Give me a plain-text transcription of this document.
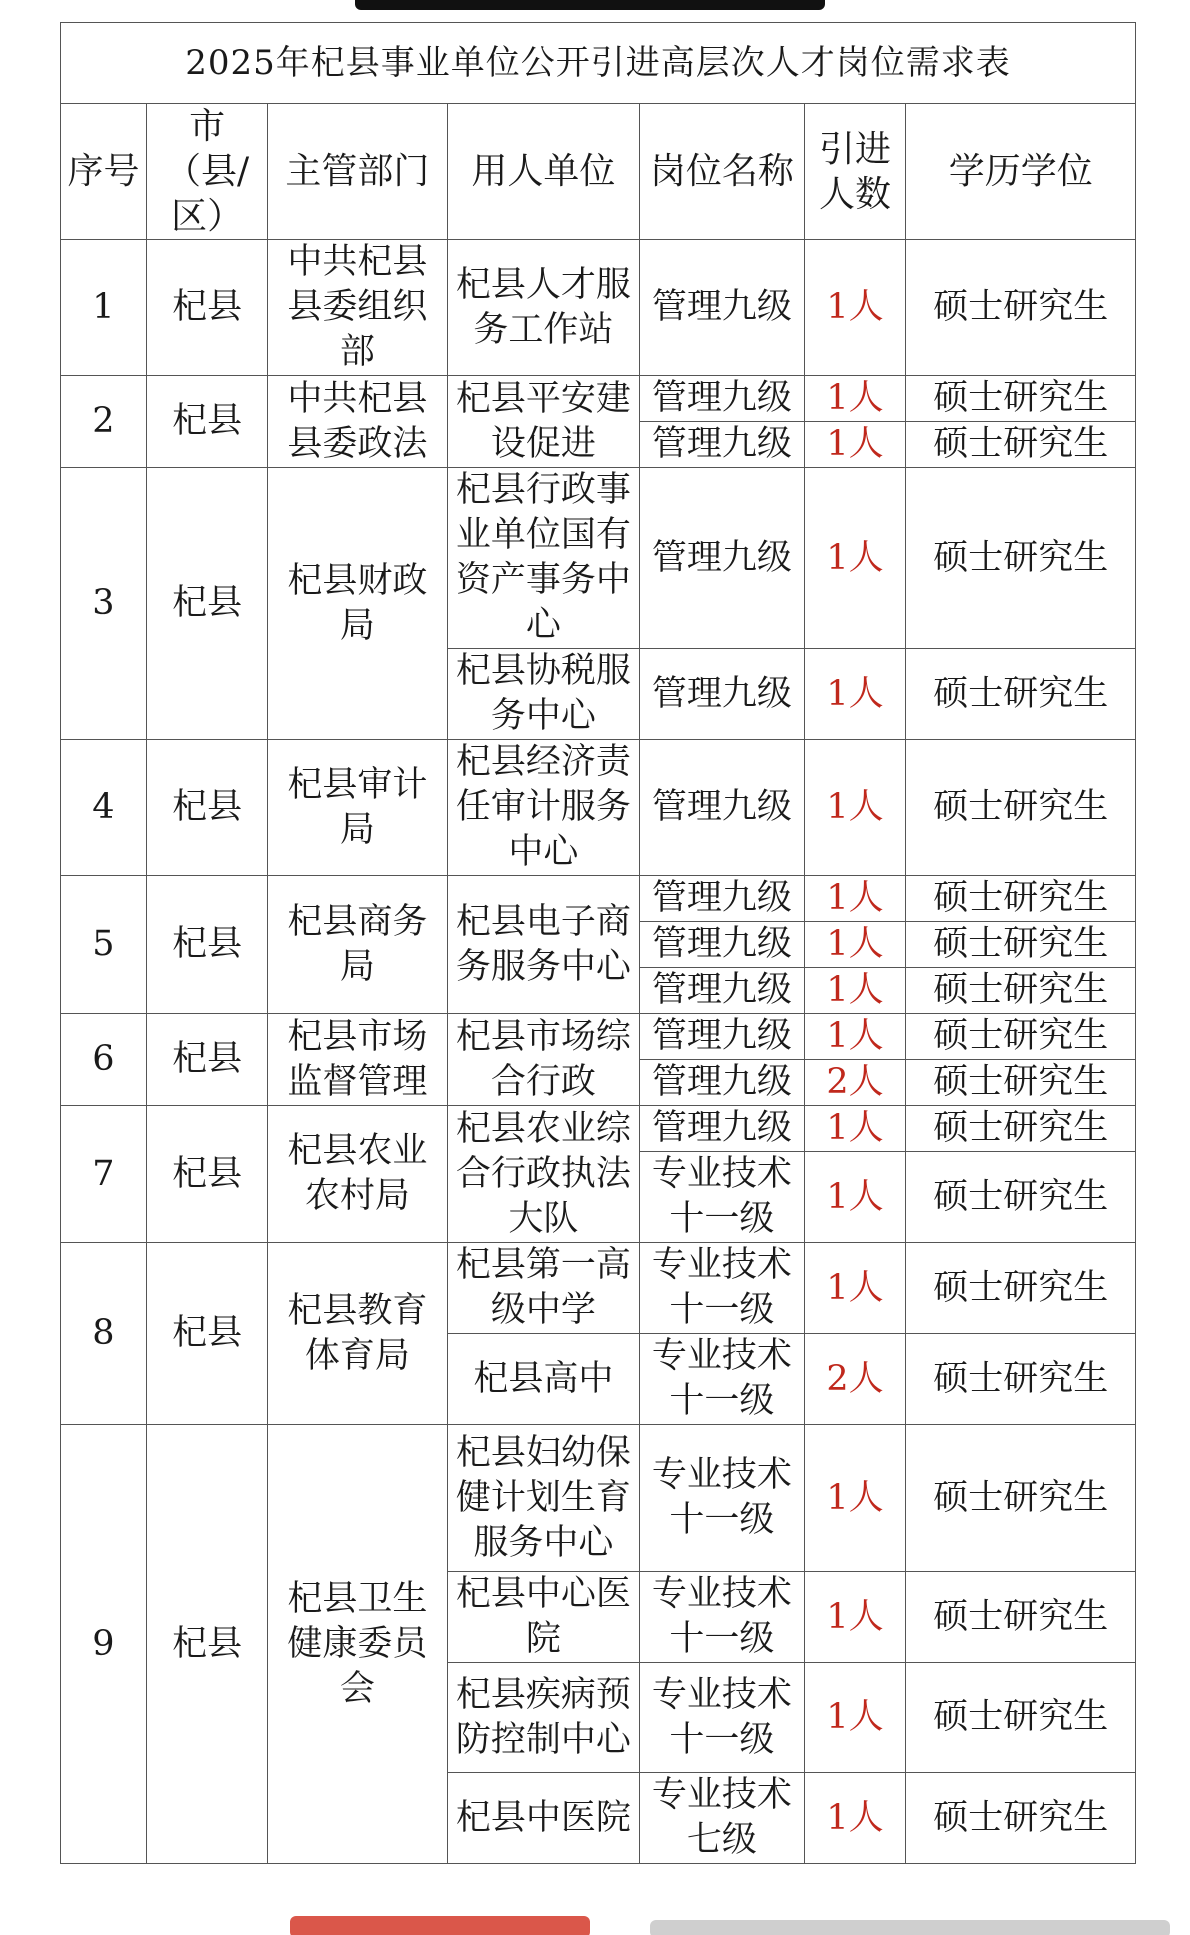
2025年杞县事业单位公开引进高层次人才岗位需求表						
序号	市（县/区）	主管部门	用人单位	岗位名称	引进人数	学历学位
1	杞县	中共杞县县委组织部	杞县人才服务工作站	管理九级	1人	硕士研究生
2	杞县	中共杞县县委政法	杞县平安建设促进	管理九级	1人	硕士研究生
				管理九级	1人	硕士研究生
3	杞县	杞县财政局	杞县行政事业单位国有资产事务中心	管理九级	1人	硕士研究生
			杞县协税服务中心	管理九级	1人	硕士研究生
4	杞县	杞县审计局	杞县经济责任审计服务中心	管理九级	1人	硕士研究生
5	杞县	杞县商务局	杞县电子商务服务中心	管理九级	1人	硕士研究生
				管理九级	1人	硕士研究生
				管理九级	1人	硕士研究生
6	杞县	杞县市场监督管理	杞县市场综合行政	管理九级	1人	硕士研究生
				管理九级	2人	硕士研究生
7	杞县	杞县农业农村局	杞县农业综合行政执法大队	管理九级	1人	硕士研究生
				专业技术十一级	1人	硕士研究生
8	杞县	杞县教育体育局	杞县第一高级中学	专业技术十一级	1人	硕士研究生
			杞县高中	专业技术十一级	2人	硕士研究生
9	杞县	杞县卫生健康委员会	杞县妇幼保健计划生育服务中心	专业技术十一级	1人	硕士研究生
			杞县中心医院	专业技术十一级	1人	硕士研究生
			杞县疾病预防控制中心	专业技术十一级	1人	硕士研究生
			杞县中医院	专业技术七级	1人	硕士研究生
